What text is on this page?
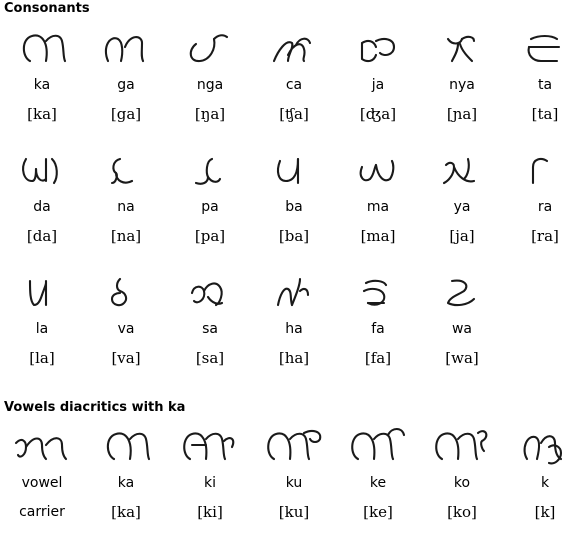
Consonants
Vowels diacritics with ka
ka
[ka]
ga
[ga]
nga
[ŋa]
ca
[ʧa]
ja
[ʤa]
nya
[ɲa]
ta
[ta]
da
[da]
na
[na]
pa
[pa]
ba
[ba]
ma
[ma]
ya
[ja]
ra
[ra]
la
[la]
va
[va]
sa
[sa]
ha
[ha]
fa
[fa]
wa
[wa]
vowel
carrier
ka
[ka]
ki
[ki]
ku
[ku]
ke
[ke]
ko
[ko]
k
[k]
